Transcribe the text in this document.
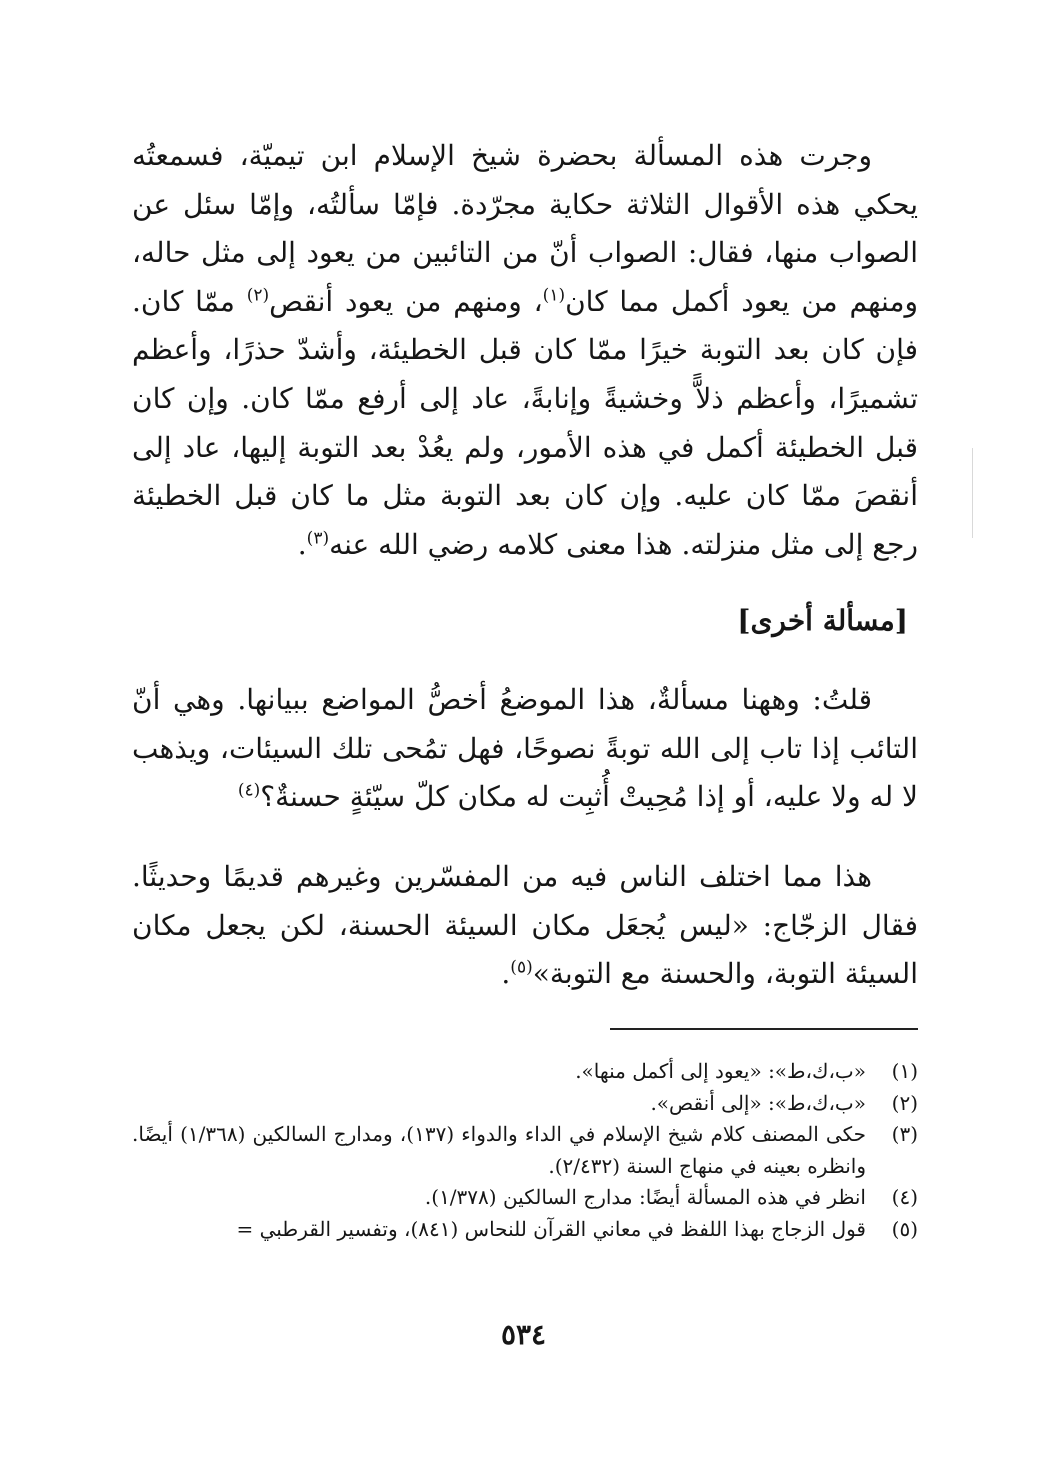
وجرت هذه المسألة بحضرة شيخ الإسلام ابن تيميّة، فسمعتُه يحكي هذه الأقوال الثلاثة حكاية مجرّدة. فإمّا سألتُه، وإمّا سئل عن الصواب منها، فقال: الصواب أنّ من التائبين من يعود إلى مثل حاله، ومنهم من يعود أكمل مما كان$^{(١)}$، ومنهم من يعود أنقص$^{(٢)}$ ممّا كان. فإن كان بعد التوبة خيرًا ممّا كان قبل الخطيئة، وأشدّ حذرًا، وأعظم تشميرًا، وأعظم ذلاًّ وخشيةً وإنابةً، عاد إلى أرفع ممّا كان. وإن كان قبل الخطيئة أكمل في هذه الأمور، ولم يعُدْ بعد التوبة إليها، عاد إلى أنقصَ ممّا كان عليه. وإن كان بعد التوبة مثل ما كان قبل الخطيئة رجع إلى مثل منزلته. هذا معنى كلامه رضي الله عنه$^{(٣)}$.

[مسألة أخرى]

قلتُ: وههنا مسألةٌ، هذا الموضعُ أخصُّ المواضع ببيانها. وهي أنّ التائب إذا تاب إلى الله توبةً نصوحًا، فهل تمُحى تلك السيئات، ويذهب لا له ولا عليه، أو إذا مُحِيتْ أُثبِت له مكان كلّ سيّئةٍ حسنةٌ؟$^{(٤)}$

هذا مما اختلف الناس فيه من المفسّرين وغيرهم قديمًا وحديثًا. فقال الزجّاج: «ليس يُجعَل مكان السيئة الحسنة، لكن يجعل مكان السيئة التوبة، والحسنة مع التوبة»$^{(٥)}$.

(١)
«ب،ك،ط»: «يعود إلى أكمل منها».
(٢)
«ب،ك،ط»: «إلى أنقص».
(٣)
حكى المصنف كلام شيخ الإسلام في الداء والدواء (١٣٧)، ومدارج السالكين (١/٣٦٨) أيضًا. وانظره بعينه في منهاج السنة (٢/٤٣٢).
(٤)
انظر في هذه المسألة أيضًا: مدارج السالكين (١/٣٧٨).
(٥)
قول الزجاج بهذا اللفظ في معاني القرآن للنحاس (٨٤١)، وتفسير القرطبي =
٥٣٤
